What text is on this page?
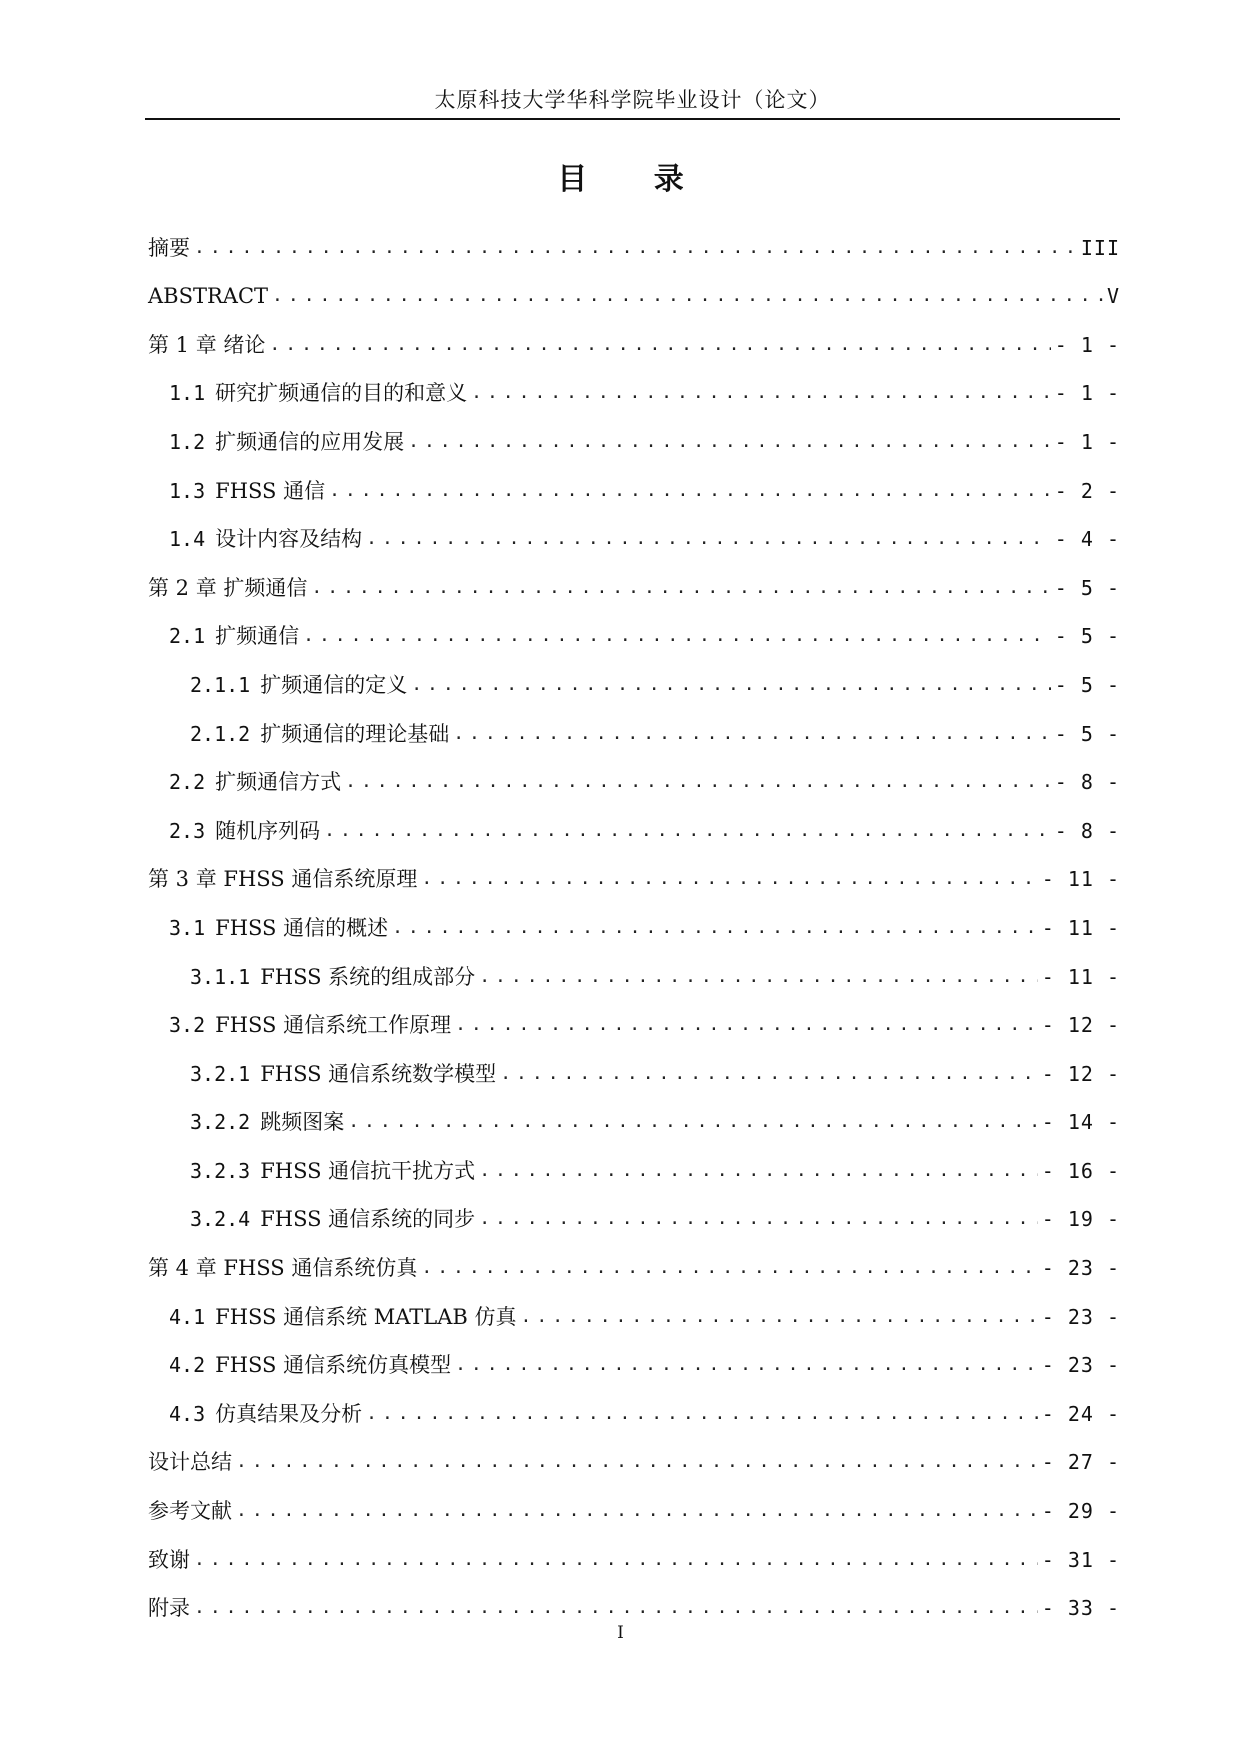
太原科技大学华科学院毕业设计（论文）
目 录
摘要 .....	III
ABSTRACT .....	V
第 1 章 绪论 .....	- 1 -
1.1 研究扩频通信的目的和意义 .....	- 1 -
1.2 扩频通信的应用发展 .....	- 1 -
1.3 FHSS 通信 .....	- 2 -
1.4 设计内容及结构 .....	- 4 -
第 2 章 扩频通信 .....	- 5 -
2.1 扩频通信 .....	- 5 -
2.1.1 扩频通信的定义 .....	- 5 -
2.1.2 扩频通信的理论基础 .....	- 5 -
2.2 扩频通信方式 .....	- 8 -
2.3 随机序列码 .....	- 8 -
第 3 章 FHSS 通信系统原理 .....	- 11 -
3.1 FHSS 通信的概述 .....	- 11 -
3.1.1 FHSS 系统的组成部分 .....	- 11 -
3.2 FHSS 通信系统工作原理 .....	- 12 -
3.2.1 FHSS 通信系统数学模型 .....	- 12 -
3.2.2 跳频图案 .....	- 14 -
3.2.3 FHSS 通信抗干扰方式 .....	- 16 -
3.2.4 FHSS 通信系统的同步 .....	- 19 -
第 4 章 FHSS 通信系统仿真 .....	- 23 -
4.1 FHSS 通信系统 MATLAB 仿真 .....	- 23 -
4.2 FHSS 通信系统仿真模型 .....	- 23 -
4.3 仿真结果及分析 .....	- 24 -
设计总结 .....	- 27 -
参考文献 .....	- 29 -
致谢 .....	- 31 -
附录 .....	- 33 -
I
